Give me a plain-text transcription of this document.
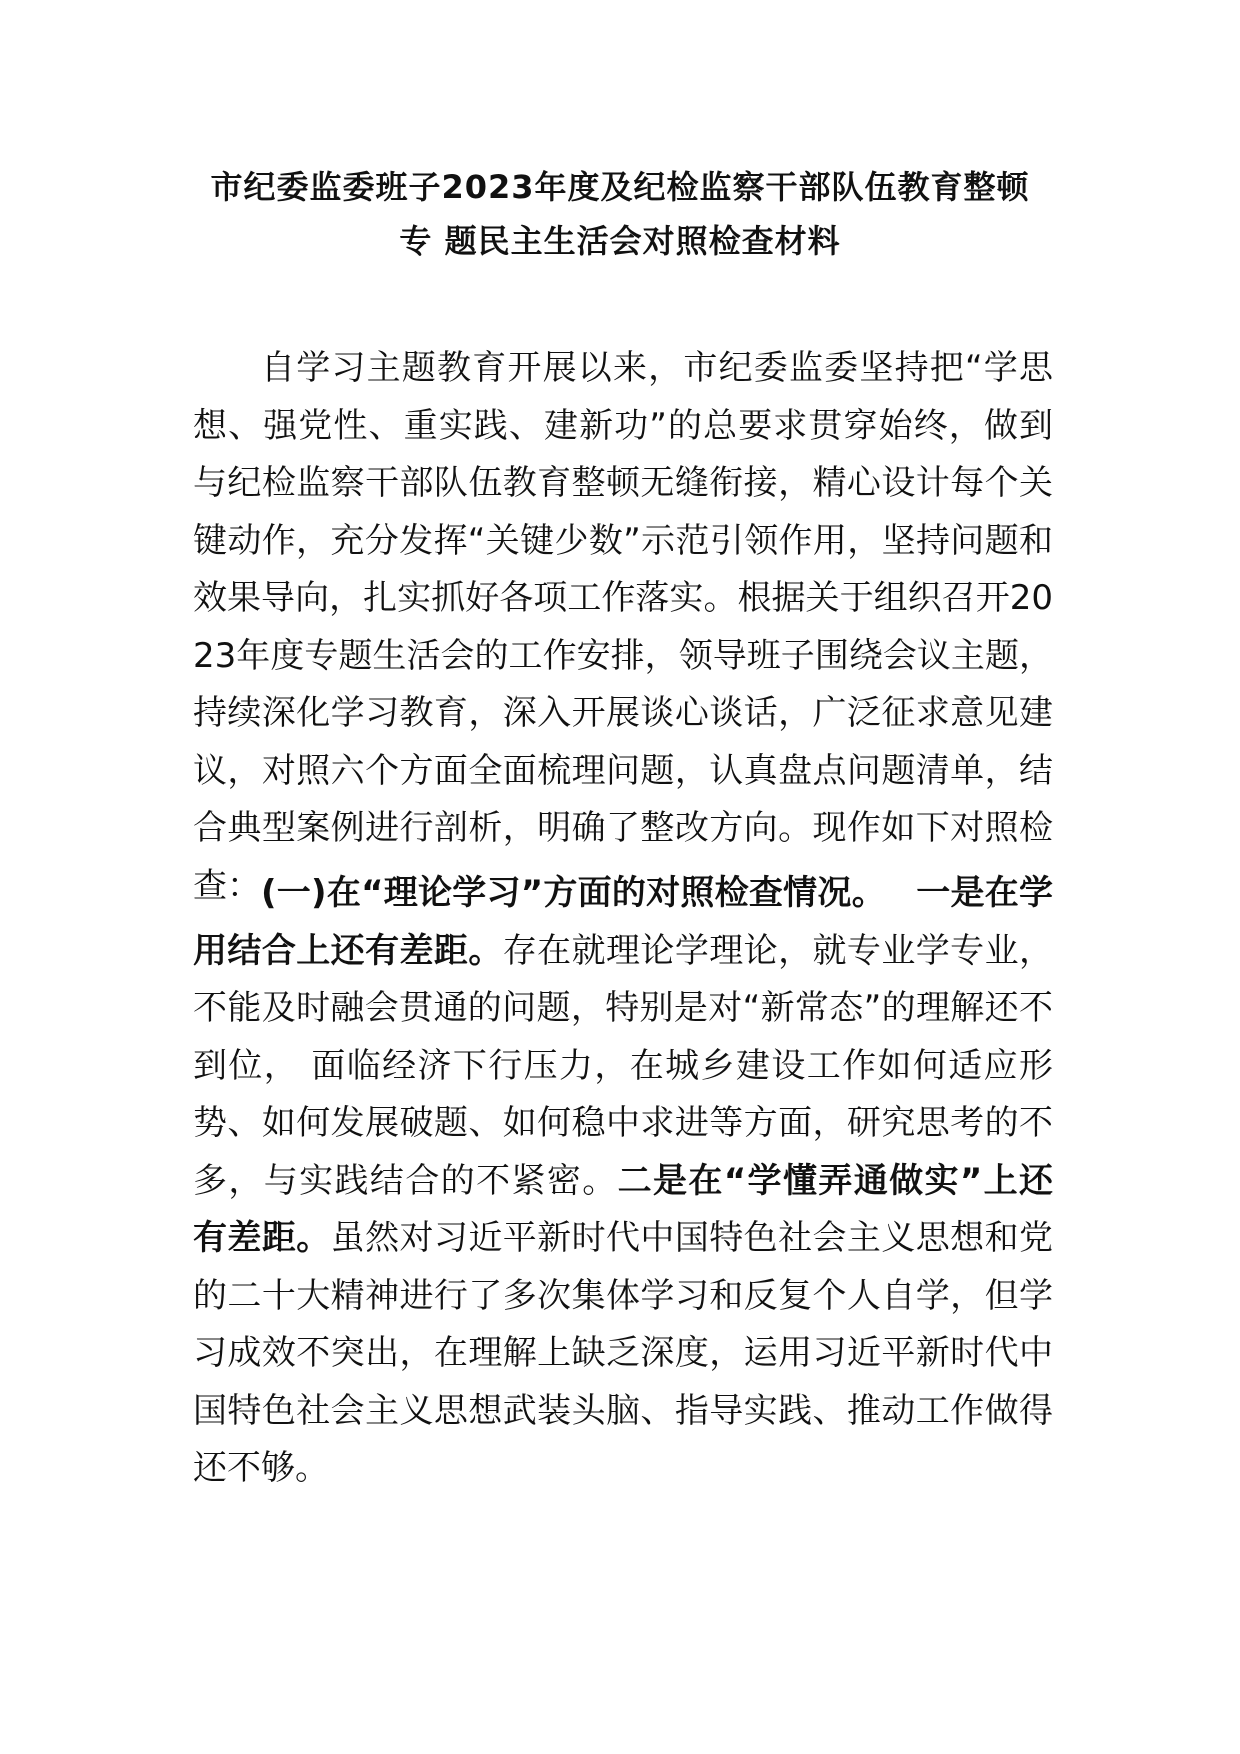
市纪委监委班子2023年度及纪检监察干部队伍教育整顿
专 题民主生活会对照检查材料

自学习主题教育开展以来，市纪委监委坚持把“学思想、强党性、重实践、建新功”的总要求贯穿始终，做到与纪检监察干部队伍教育整顿无缝衔接，精心设计每个关键动作，充分发挥“关键少数”示范引领作用，坚持问题和效果导向，扎实抓好各项工作落实。根据关于组织召开2023年度专题生活会的工作安排，领导班子围绕会议主题，持续深化学习教育，深入开展谈心谈话，广泛征求意见建议，对照六个方面全面梳理问题，认真盘点问题清单，结合典型案例进行剖析，明确了整改方向。现作如下对照检查： (一)在“理论学习”方面的对照检查情况。 一是在学用结合上还有差距。存在就理论学理论，就专业学专业，不能及时融会贯通的问题，特别是对“新常态”的理解还不到位， 面临经济下行压力，在城乡建设工作如何适应形势、如何发展破题、如何稳中求进等方面，研究思考的不多，与实践结合的不紧密。二是在“学懂弄通做实”上还有差距。虽然对习近平新时代中国特色社会主义思想和党的二十大精神进行了多次集体学习和反复个人自学，但学习成效不突出，在理解上缺乏深度，运用习近平新时代中国特色社会主义思想武装头脑、指导实践、推动工作做得还不够。
